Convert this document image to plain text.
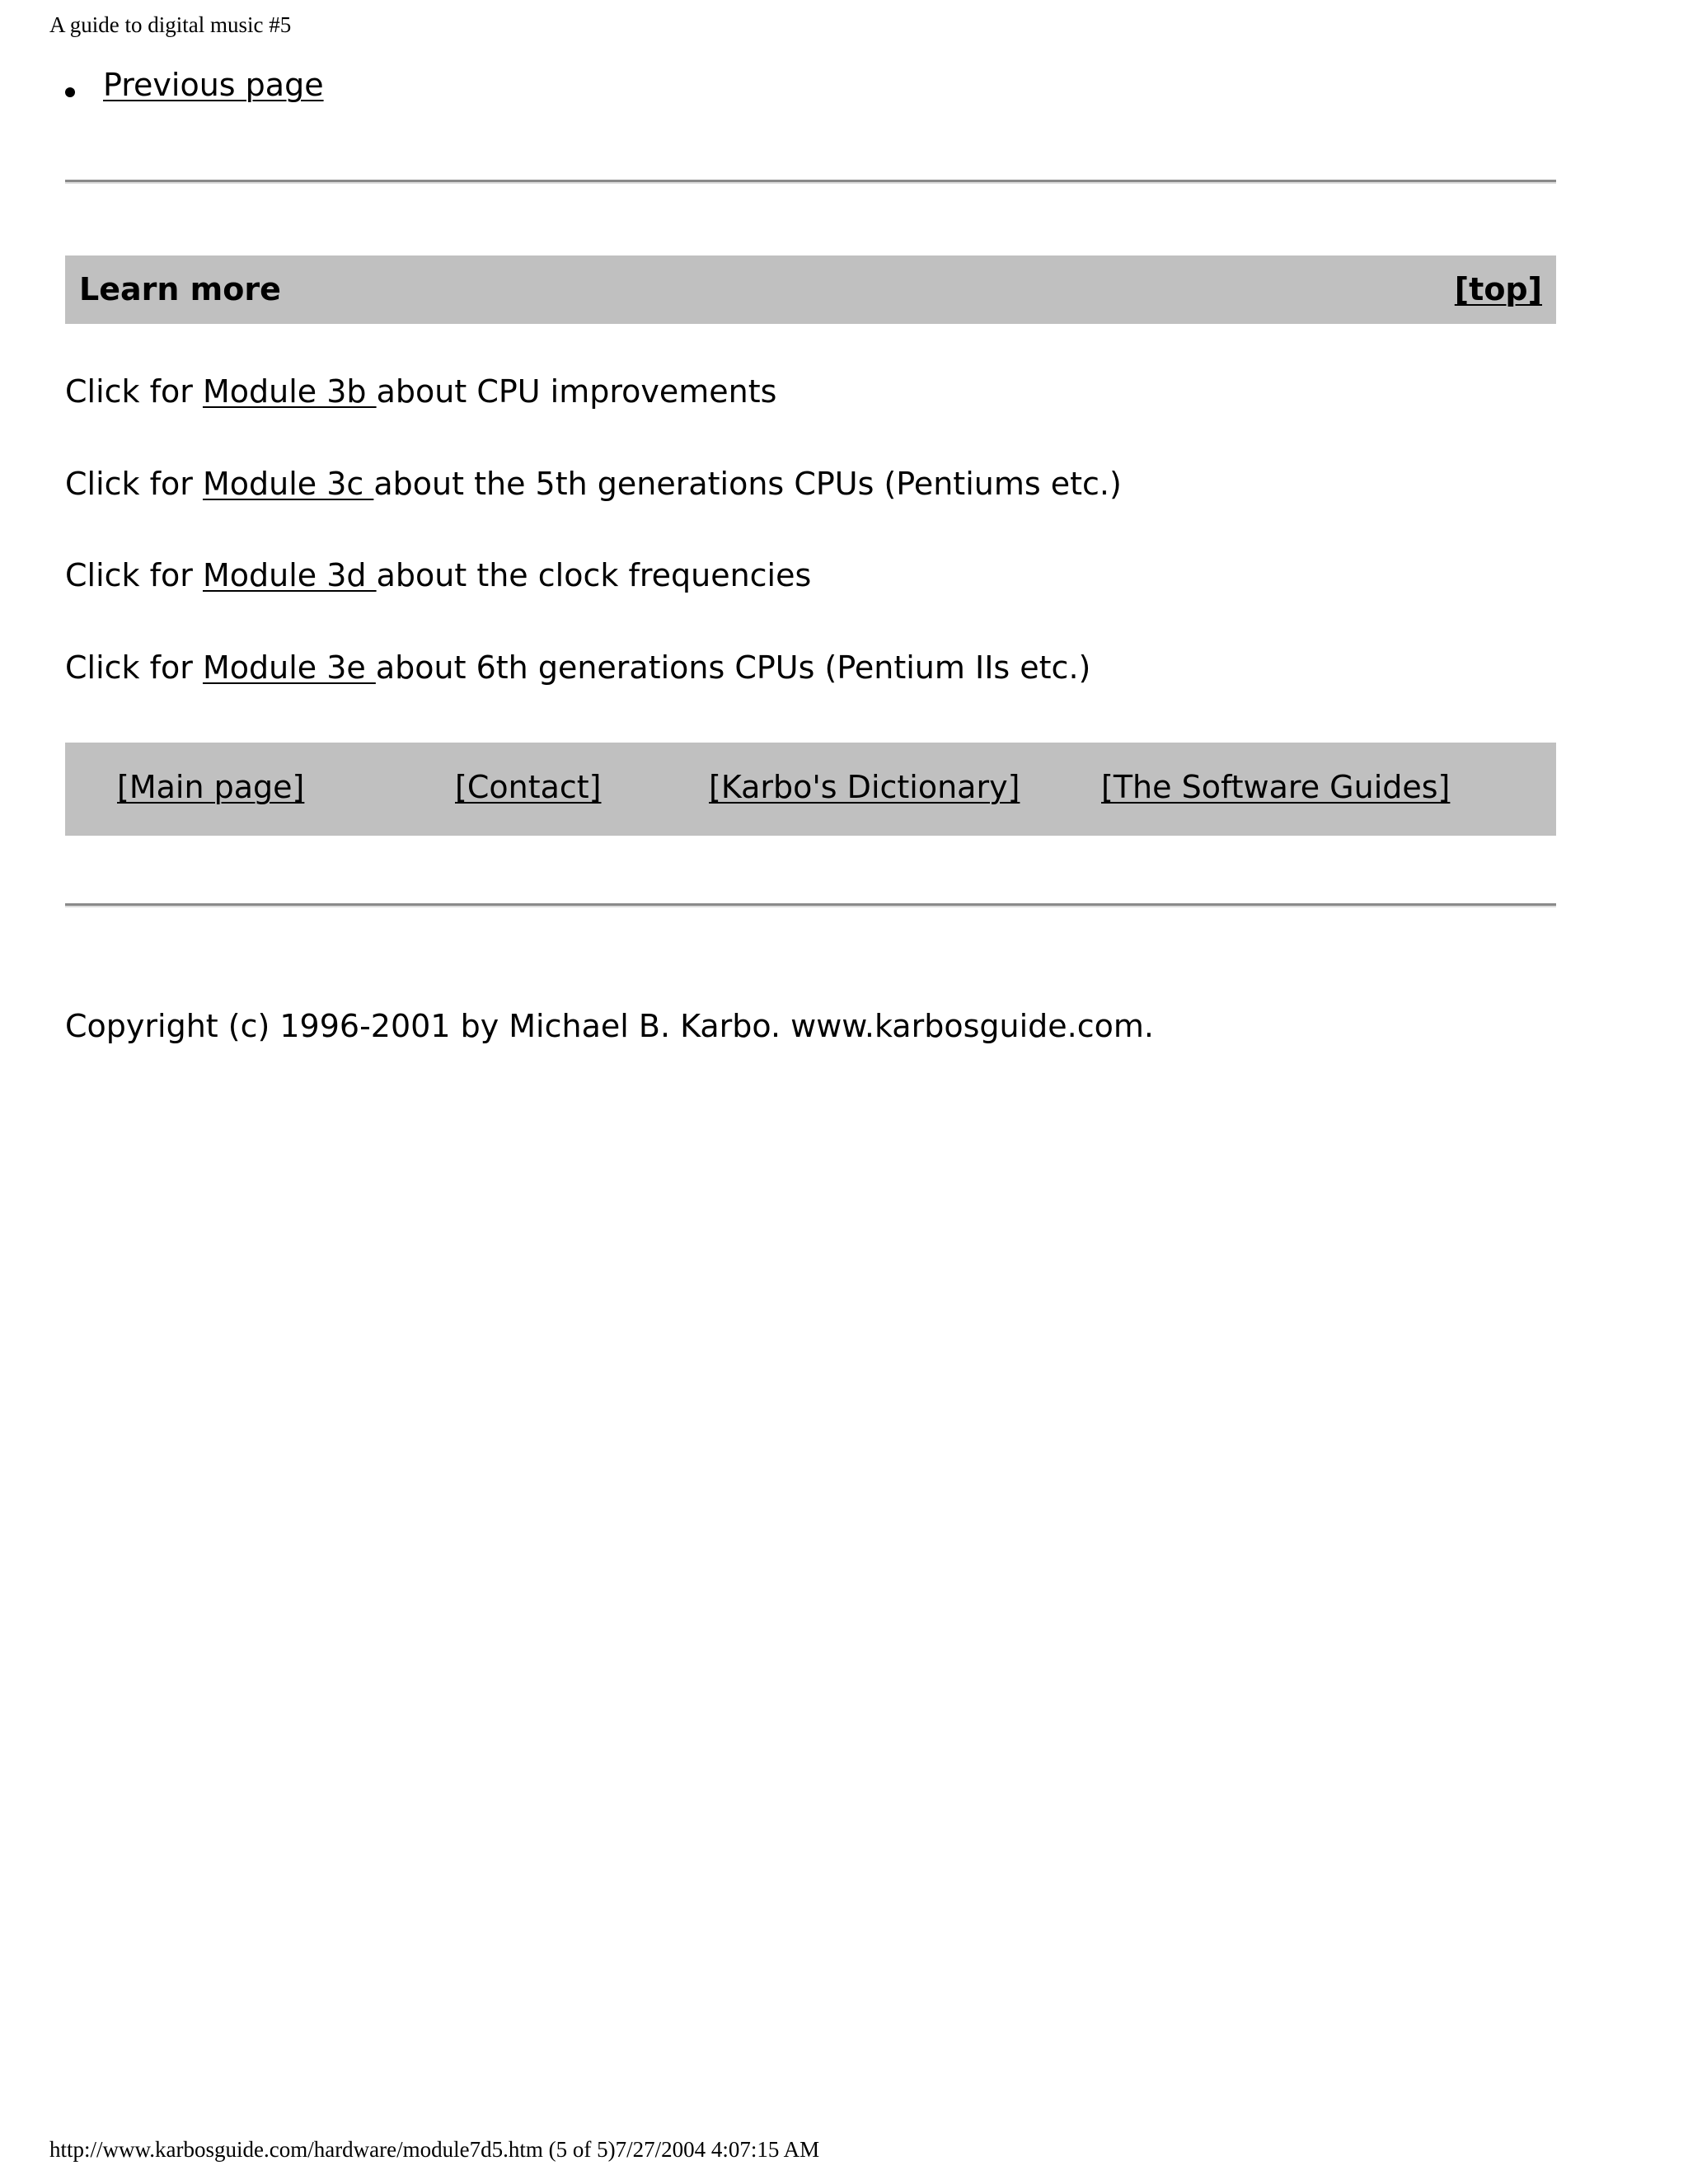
A guide to digital music #5
Previous page
Learn more	[top]
Click for Module 3b about CPU improvements
Click for Module 3c about the 5th generations CPUs (Pentiums etc.)
Click for Module 3d about the clock frequencies
Click for Module 3e about 6th generations CPUs (Pentium IIs etc.)
[Main page]	[Contact]	[Karbo's Dictionary]	[The Software Guides]
Copyright (c) 1996-2001 by Michael B. Karbo. www.karbosguide.com.
http://www.karbosguide.com/hardware/module7d5.htm (5 of 5)7/27/2004 4:07:15 AM
